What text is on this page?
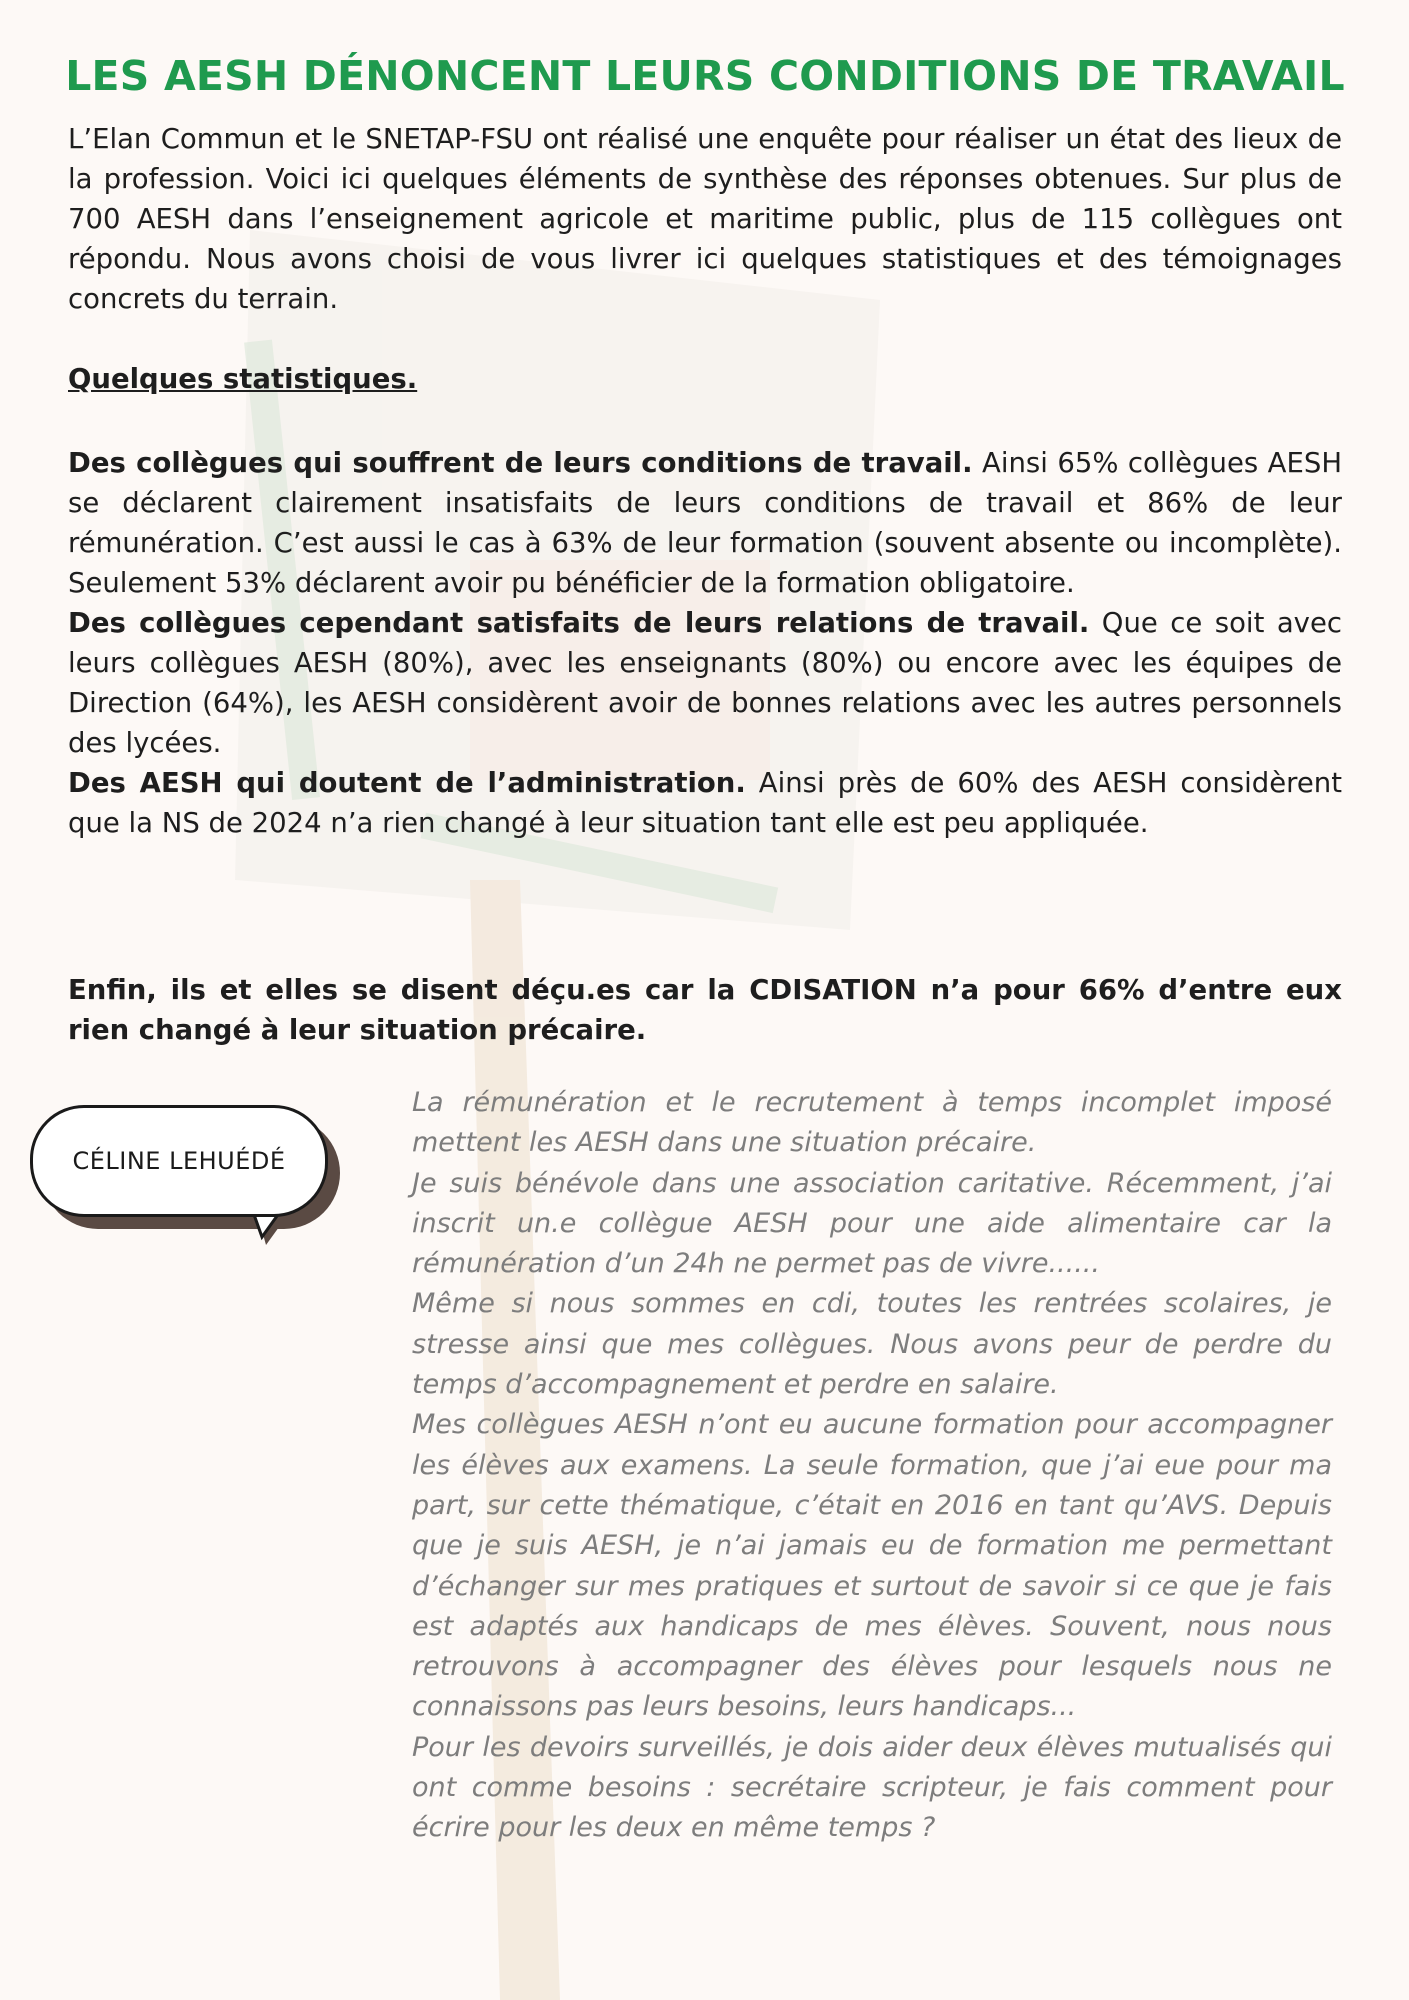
LES AESH DÉNONCENT LEURS CONDITIONS DE TRAVAIL

L’Elan Commun et le SNETAP-FSU ont réalisé une enquête pour réaliser un état des lieux de la profession. Voici ici quelques éléments de synthèse des réponses obtenues. Sur plus de 700 AESH dans l’enseignement agricole et maritime public, plus de 115 collègues ont répondu. Nous avons choisi de vous livrer ici quelques statistiques et des témoignages concrets du terrain.

Quelques statistiques.

Des collègues qui souffrent de leurs conditions de travail. Ainsi 65% collègues AESH se déclarent clairement insatisfaits de leurs conditions de travail et 86% de leur rémunération. C’est aussi le cas à 63% de leur formation (souvent absente ou incomplète). Seulement 53% déclarent avoir pu bénéficier de la formation obligatoire.

Des collègues cependant satisfaits de leurs relations de travail. Que ce soit avec leurs collègues AESH (80%), avec les enseignants (80%) ou encore avec les équipes de Direction (64%), les AESH considèrent avoir de bonnes relations avec les autres personnels des lycées.

Des AESH qui doutent de l’administration. Ainsi près de 60% des AESH considèrent que la NS de 2024 n’a rien changé à leur situation tant elle est peu appliquée.

Enfin, ils et elles se disent déçu.es car la CDISATION n’a pour 66% d’entre eux rien changé à leur situation précaire.

CÉLINE LEHUÉDÉ

La rémunération et le recrutement à temps incomplet imposé mettent les AESH dans une situation précaire.

Je suis bénévole dans une association caritative. Récemment, j’ai inscrit un.e collègue AESH pour une aide alimentaire car la rémunération d’un 24h ne permet pas de vivre......

Même si nous sommes en cdi, toutes les rentrées scolaires, je stresse ainsi que mes collègues. Nous avons peur de perdre du temps d’accompagnement et perdre en salaire.

Mes collègues AESH n’ont eu aucune formation pour accompagner les élèves aux examens. La seule formation, que j’ai eue pour ma part, sur cette thématique, c’était en 2016 en tant qu’AVS. Depuis que je suis AESH, je n’ai jamais eu de formation me permettant d’échanger sur mes pratiques et surtout de savoir si ce que je fais est adaptés aux handicaps de mes élèves. Souvent, nous nous retrouvons à accompagner des élèves pour lesquels nous ne connaissons pas leurs besoins, leurs handicaps...

Pour les devoirs surveillés, je dois aider deux élèves mutualisés qui ont comme besoins : secrétaire scripteur, je fais comment pour écrire pour les deux en même temps ?
